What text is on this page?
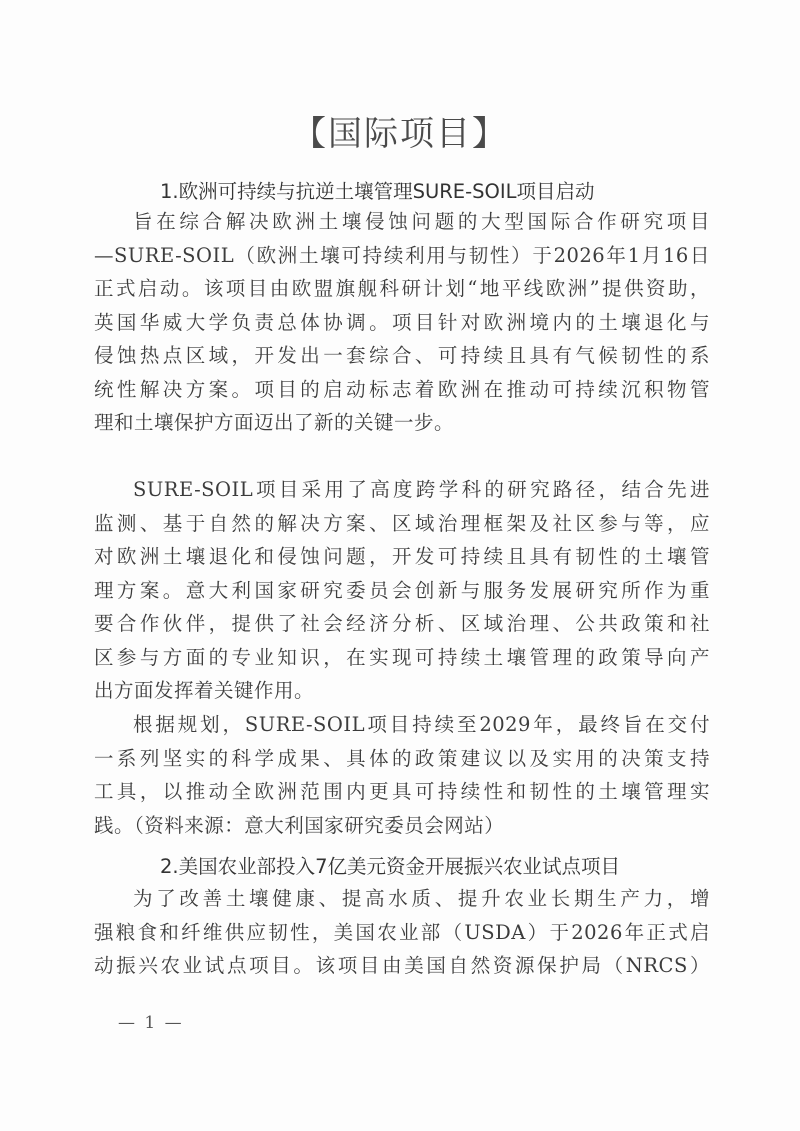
【国际项目】
1.欧洲可持续与抗逆土壤管理SURE-SOIL项目启动
旨在综合解决欧洲土壤侵蚀问题的大型国际合作研究项目
—SURE-SOIL（欧洲土壤可持续利用与韧性）于2026年1月16日
正式启动。该项目由欧盟旗舰科研计划“地平线欧洲”提供资助，
英国华威大学负责总体协调。项目针对欧洲境内的土壤退化与
侵蚀热点区域，开发出一套综合、可持续且具有气候韧性的系
统性解决方案。项目的启动标志着欧洲在推动可持续沉积物管
理和土壤保护方面迈出了新的关键一步。
SURE-SOIL项目采用了高度跨学科的研究路径，结合先进
监测、基于自然的解决方案、区域治理框架及社区参与等，应
对欧洲土壤退化和侵蚀问题，开发可持续且具有韧性的土壤管
理方案。意大利国家研究委员会创新与服务发展研究所作为重
要合作伙伴，提供了社会经济分析、区域治理、公共政策和社
区参与方面的专业知识，在实现可持续土壤管理的政策导向产
出方面发挥着关键作用。
根据规划，SURE-SOIL项目持续至2029年，最终旨在交付
一系列坚实的科学成果、具体的政策建议以及实用的决策支持
工具，以推动全欧洲范围内更具可持续性和韧性的土壤管理实
践。（资料来源：意大利国家研究委员会网站）
2.美国农业部投入7亿美元资金开展振兴农业试点项目
为了改善土壤健康、提高水质、提升农业长期生产力，增
强粮食和纤维供应韧性，美国农业部（USDA）于2026年正式启
动振兴农业试点项目。该项目由美国自然资源保护局（NRCS）
— 1 —
